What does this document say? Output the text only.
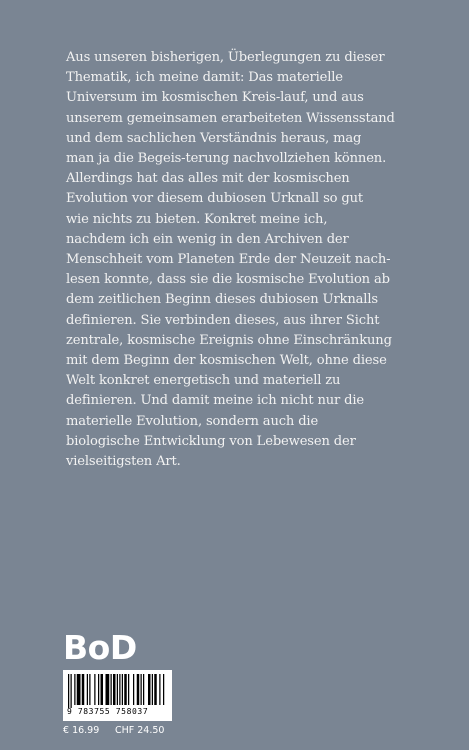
Aus unseren bisherigen, Überlegungen zu dieser
Thematik, ich meine damit: Das materielle
Universum im kosmischen Kreis-lauf, und aus
unserem gemeinsamen erarbeiteten Wissensstand
und dem sachlichen Verständnis heraus, mag
man ja die Begeis-terung nachvollziehen können.
Allerdings hat das alles mit der kosmischen
Evolution vor diesem dubiosen Urknall so gut
wie nichts zu bieten. Konkret meine ich,
nachdem ich ein wenig in den Archiven der
Menschheit vom Planeten Erde der Neuzeit nach-
lesen konnte, dass sie die kosmische Evolution ab
dem zeitlichen Beginn dieses dubiosen Urknalls
definieren. Sie verbinden dieses, aus ihrer Sicht
zentrale, kosmische Ereignis ohne Einschränkung
mit dem Beginn der kosmischen Welt, ohne diese
Welt konkret energetisch und materiell zu
definieren. Und damit meine ich nicht nur die
materielle Evolution, sondern auch die
biologische Entwicklung von Lebewesen der
vielseitigsten Art.

BoD
9 783755 758037
€ 16.99 CHF 24.50
